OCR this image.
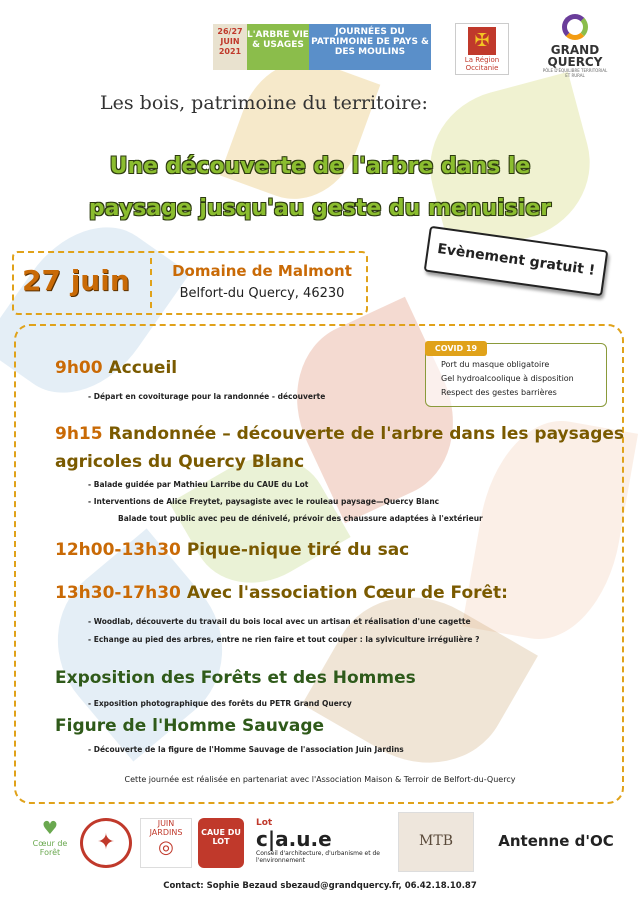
26/27 JUIN 2021
L'ARBRE VIE & USAGES
JOURNÉES DU PATRIMOINE DE PAYS & DES MOULINS
✠
La Région Occitanie
GRAND QUERCY
PÔLE D'ÉQUILIBRE TERRITORIAL ET RURAL
Les bois, patrimoine du territoire:
Une découverte de l'arbre dans le
paysage jusqu'au geste du menuisier
27 juin	Domaine de Malmont
Belfort-du Quercy, 46230
Evènement gratuit !
COVID 19
Port du masque obligatoire
Gel hydroalcoolique à disposition
Respect des gestes barrières
9h00 Accueil
- Départ en covoiturage pour la randonnée - découverte
9h15 Randonnée – découverte de l'arbre dans les paysages
agricoles du Quercy Blanc
- Balade guidée par Mathieu Larribe du CAUE du Lot
- Interventions de Alice Freytet, paysagiste avec le rouleau paysage—Quercy Blanc
Balade tout public avec peu de dénivelé, prévoir des chaussure adaptées à l'extérieur
12h00-13h30 Pique-nique tiré du sac
13h30-17h30 Avec l'association Cœur de Forêt:
- Woodlab, découverte du travail du bois local avec un artisan et réalisation d'une cagette
- Echange au pied des arbres, entre ne rien faire et tout couper : la sylviculture irrégulière ?
Exposition des Forêts et des Hommes
- Exposition photographique des forêts du PETR Grand Quercy
Figure de l'Homme Sauvage
- Découverte de la figure de l'Homme Sauvage de l'association Juin Jardins
Cette journée est réalisée en partenariat avec l'Association Maison & Terroir de Belfort-du-Quercy
♥
Cœur de Forêt	✦
JUIN JARDINS
◎
CAUE DU LOT
Lot
c|a.u.e
Conseil d'architecture, d'urbanisme et de l'environnement
MTB	Antenne d'OC
Contact: Sophie Bezaud sbezaud@grandquercy.fr, 06.42.18.10.87
